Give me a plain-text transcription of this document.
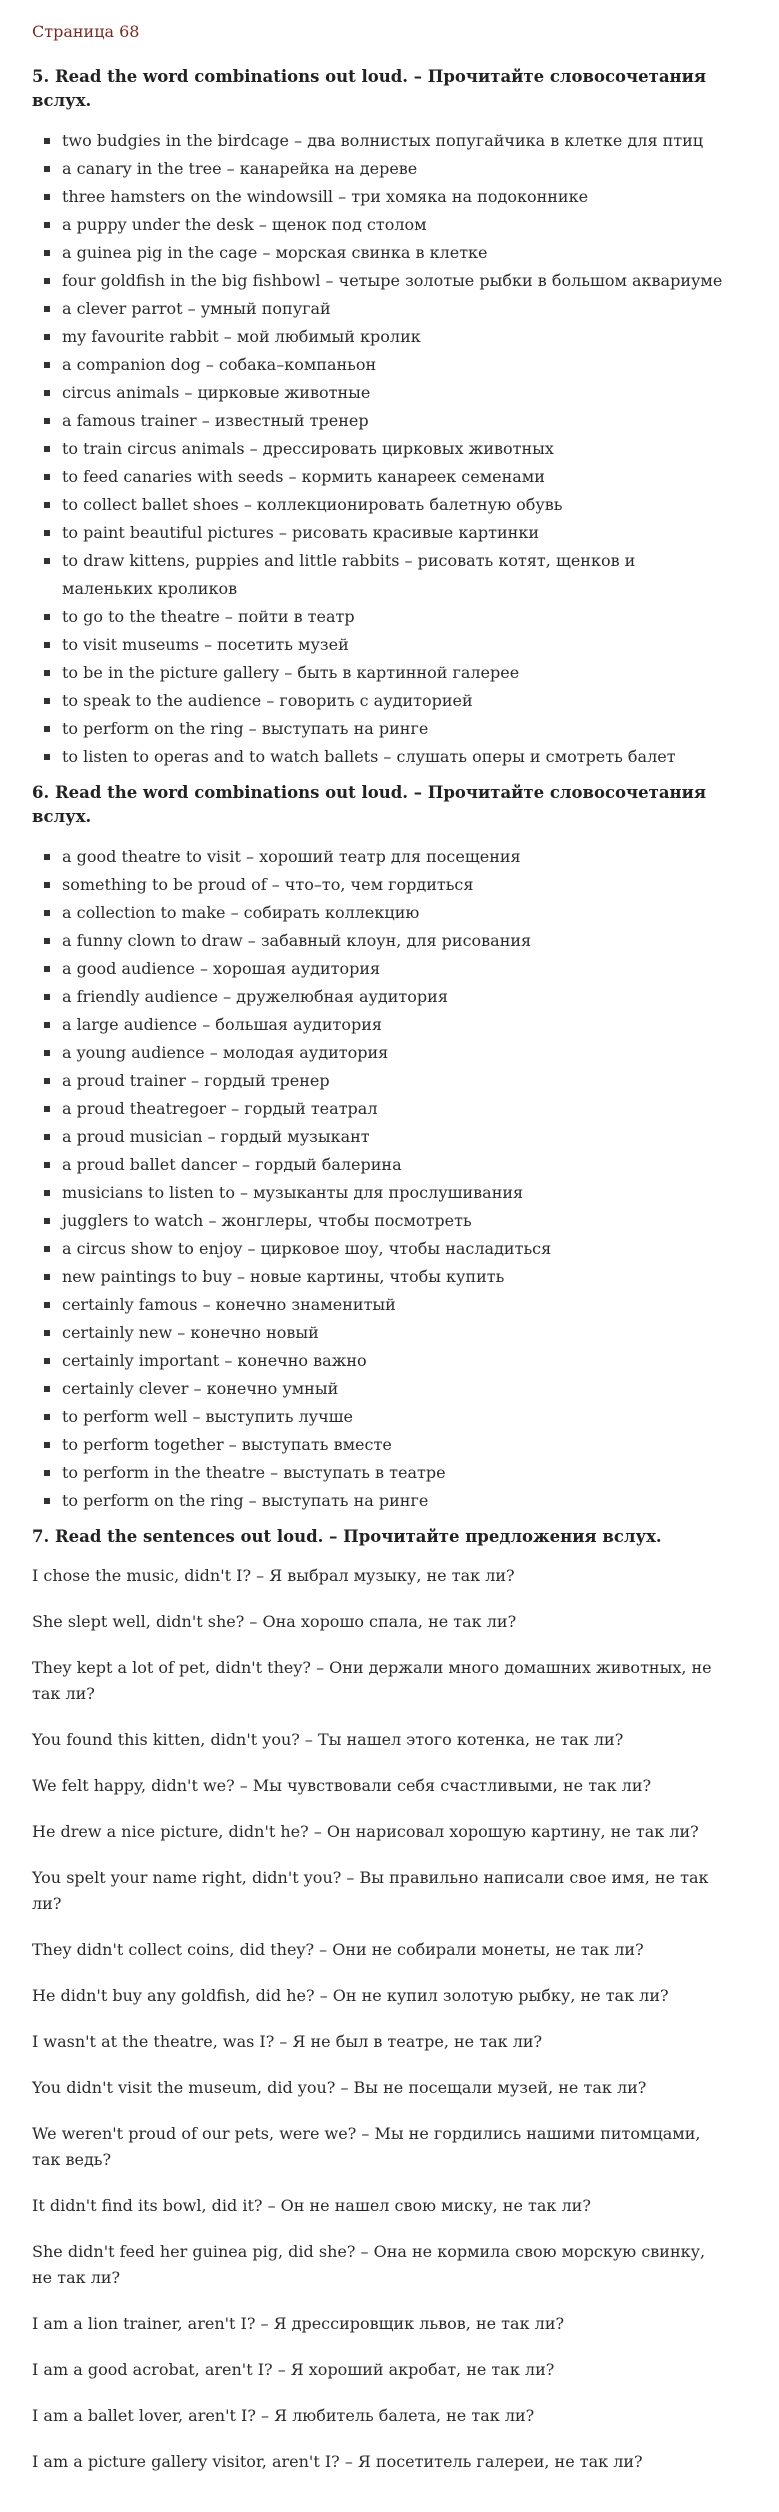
Страница 68
5. Read the word combinations out loud. – Прочитайте словосочетания вслух.
two budgies in the birdcage – два волнистых попугайчика в клетке для птиц
a canary in the tree – канарейка на дереве
three hamsters on the windowsill – три хомяка на подоконнике
a puppy under the desk – щенок под столом
a guinea pig in the cage – морская свинка в клетке
four goldfish in the big fishbowl – четыре золотые рыбки в большом аквариуме
a clever parrot – умный попугай
my favourite rabbit – мой любимый кролик
a companion dog – собака–компаньон
circus animals – цирковые животные
a famous trainer – известный тренер
to train circus animals – дрессировать цирковых животных
to feed canaries with seeds – кормить канареек семенами
to collect ballet shoes – коллекционировать балетную обувь
to paint beautiful pictures – рисовать красивые картинки
to draw kittens, puppies and little rabbits – рисовать котят, щенков и маленьких кроликов
to go to the theatre – пойти в театр
to visit museums – посетить музей
to be in the picture gallery – быть в картинной галерее
to speak to the audience – говорить с аудиторией
to perform on the ring – выступать на ринге
to listen to operas and to watch ballets – слушать оперы и смотреть балет
6. Read the word combinations out loud. – Прочитайте словосочетания вслух.
a good theatre to visit – хороший театр для посещения
something to be proud of – что–то, чем гордиться
a collection to make – собирать коллекцию
a funny clown to draw – забавный клоун, для рисования
a good audience – хорошая аудитория
a friendly audience – дружелюбная аудитория
a large audience – большая аудитория
a young audience – молодая аудитория
a proud trainer – гордый тренер
a proud theatregoer – гордый театрал
a proud musician – гордый музыкант
a proud ballet dancer – гордый балерина
musicians to listen to – музыканты для прослушивания
jugglers to watch – жонглеры, чтобы посмотреть
a circus show to enjoy – цирковое шоу, чтобы насладиться
new paintings to buy – новые картины, чтобы купить
certainly famous – конечно знаменитый
certainly new – конечно новый
certainly important – конечно важно
certainly clever – конечно умный
to perform well – выступить лучше
to perform together – выступать вместе
to perform in the theatre – выступать в театре
to perform on the ring – выступать на ринге
7. Read the sentences out loud. – Прочитайте предложения вслух.

I chose the music, didn't I? – Я выбрал музыку, не так ли?

She slept well, didn't she? – Она хорошо спала, не так ли?

They kept a lot of pet, didn't they? – Они держали много домашних животных, не так ли?

You found this kitten, didn't you? – Ты нашел этого котенка, не так ли?

We felt happy, didn't we? – Мы чувствовали себя счастливыми, не так ли?

He drew a nice picture, didn't he? – Он нарисовал хорошую картину, не так ли?

You spelt your name right, didn't you? – Вы правильно написали свое имя, не так ли?

They didn't collect coins, did they? – Они не собирали монеты, не так ли?

He didn't buy any goldfish, did he? – Он не купил золотую рыбку, не так ли?

I wasn't at the theatre, was I? – Я не был в театре, не так ли?

You didn't visit the museum, did you? – Вы не посещали музей, не так ли?

We weren't proud of our pets, were we? – Мы не гордились нашими питомцами, так ведь?

It didn't find its bowl, did it? – Он не нашел свою миску, не так ли?

She didn't feed her guinea pig, did she? – Она не кормила свою морскую свинку, не так ли?

I am a lion trainer, aren't I? – Я дрессировщик львов, не так ли?

I am a good acrobat, aren't I? – Я хороший акробат, не так ли?

I am a ballet lover, aren't I? – Я любитель балета, не так ли?

I am a picture gallery visitor, aren't I? – Я посетитель галереи, не так ли?
